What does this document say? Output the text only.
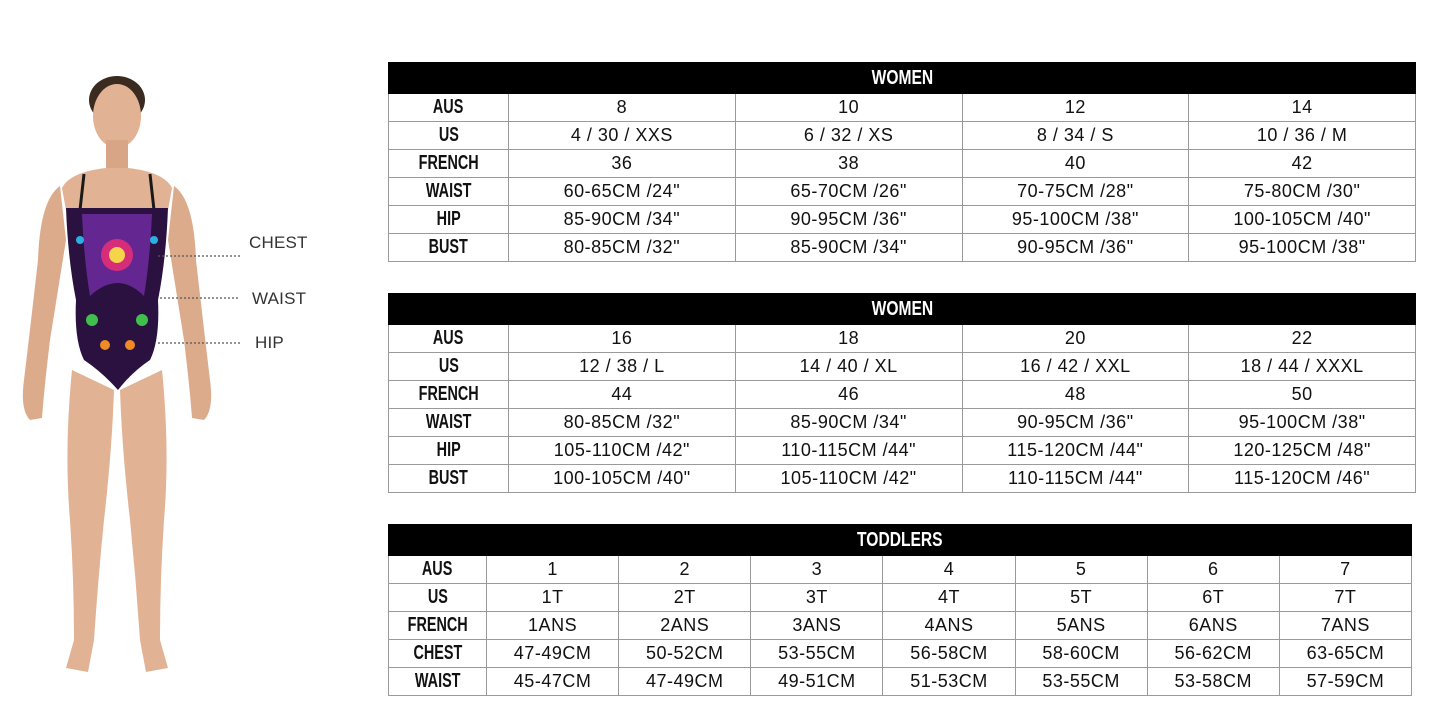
CHEST
WAIST
HIP
WOMEN				
AUS	8	10	12	14
US	4 / 30 / XXS	6 / 32 / XS	8 / 34 / S	10 / 36 / M
FRENCH	36	38	40	42
WAIST	60-65CM /24"	65-70CM /26"	70-75CM /28"	75-80CM /30"
HIP	85-90CM /34"	90-95CM /36"	95-100CM /38"	100-105CM /40"
BUST	80-85CM /32"	85-90CM /34"	90-95CM /36"	95-100CM /38"
WOMEN				
AUS	16	18	20	22
US	12 / 38 / L	14 / 40 / XL	16 / 42 / XXL	18 / 44 / XXXL
FRENCH	44	46	48	50
WAIST	80-85CM /32"	85-90CM /34"	90-95CM /36"	95-100CM /38"
HIP	105-110CM /42"	110-115CM /44"	115-120CM /44"	120-125CM /48"
BUST	100-105CM /40"	105-110CM /42"	110-115CM /44"	115-120CM /46"
TODDLERS							
AUS	1	2	3	4	5	6	7
US	1T	2T	3T	4T	5T	6T	7T
FRENCH	1ANS	2ANS	3ANS	4ANS	5ANS	6ANS	7ANS
CHEST	47-49CM	50-52CM	53-55CM	56-58CM	58-60CM	56-62CM	63-65CM
WAIST	45-47CM	47-49CM	49-51CM	51-53CM	53-55CM	53-58CM	57-59CM
